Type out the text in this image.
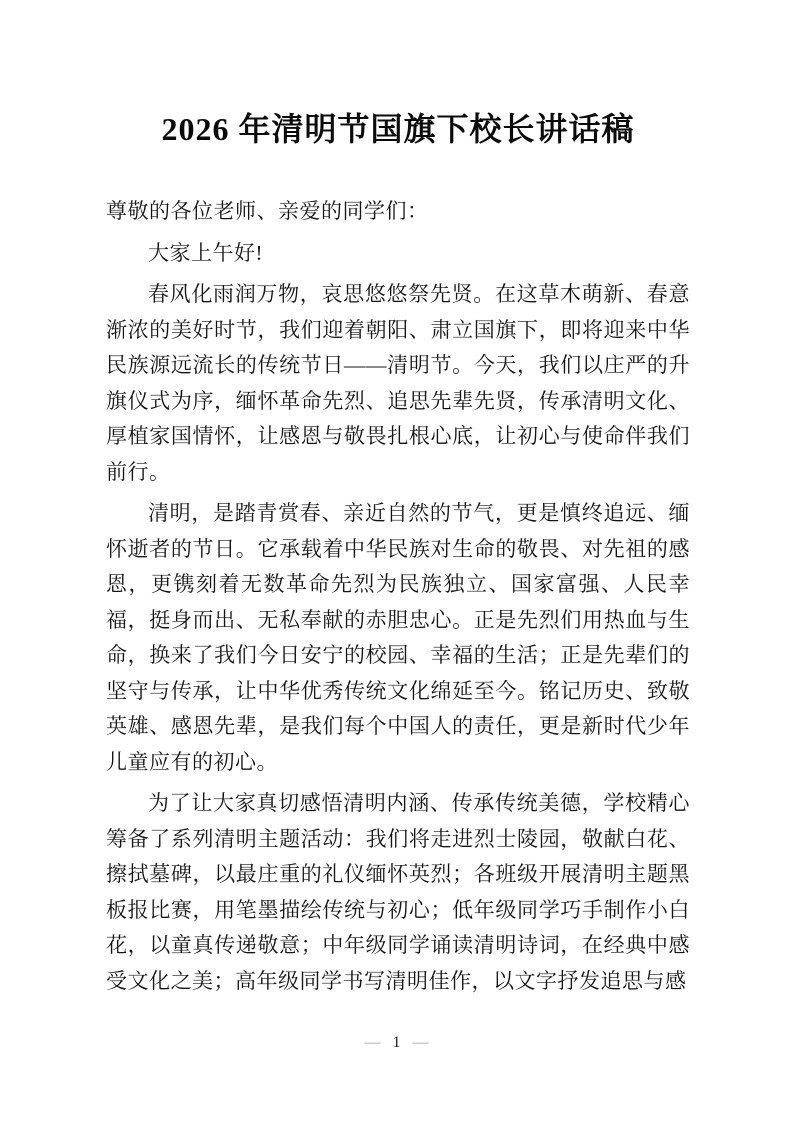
2026 年清明节国旗下校长讲话稿

尊敬的各位老师、亲爱的同学们：

大家上午好!

春风化雨润万物，哀思悠悠祭先贤。在这草木萌新、春意渐浓的美好时节，我们迎着朝阳、肃立国旗下，即将迎来中华民族源远流长的传统节日——清明节。今天，我们以庄严的升旗仪式为序，缅怀革命先烈、追思先辈先贤，传承清明文化、厚植家国情怀，让感恩与敬畏扎根心底，让初心与使命伴我们前行。

清明，是踏青赏春、亲近自然的节气，更是慎终追远、缅怀逝者的节日。它承载着中华民族对生命的敬畏、对先祖的感恩，更镌刻着无数革命先烈为民族独立、国家富强、人民幸福，挺身而出、无私奉献的赤胆忠心。正是先烈们用热血与生命，换来了我们今日安宁的校园、幸福的生活；正是先辈们的坚守与传承，让中华优秀传统文化绵延至今。铭记历史、致敬英雄、感恩先辈，是我们每个中国人的责任，更是新时代少年儿童应有的初心。

为了让大家真切感悟清明内涵、传承传统美德，学校精心筹备了系列清明主题活动：我们将走进烈士陵园，敬献白花、擦拭墓碑，以最庄重的礼仪缅怀英烈；各班级开展清明主题黑板报比赛，用笔墨描绘传统与初心；低年级同学巧手制作小白花，以童真传递敬意；中年级同学诵读清明诗词，在经典中感受文化之美；高年级同学书写清明佳作，以文字抒发追思与感

— 1 —
